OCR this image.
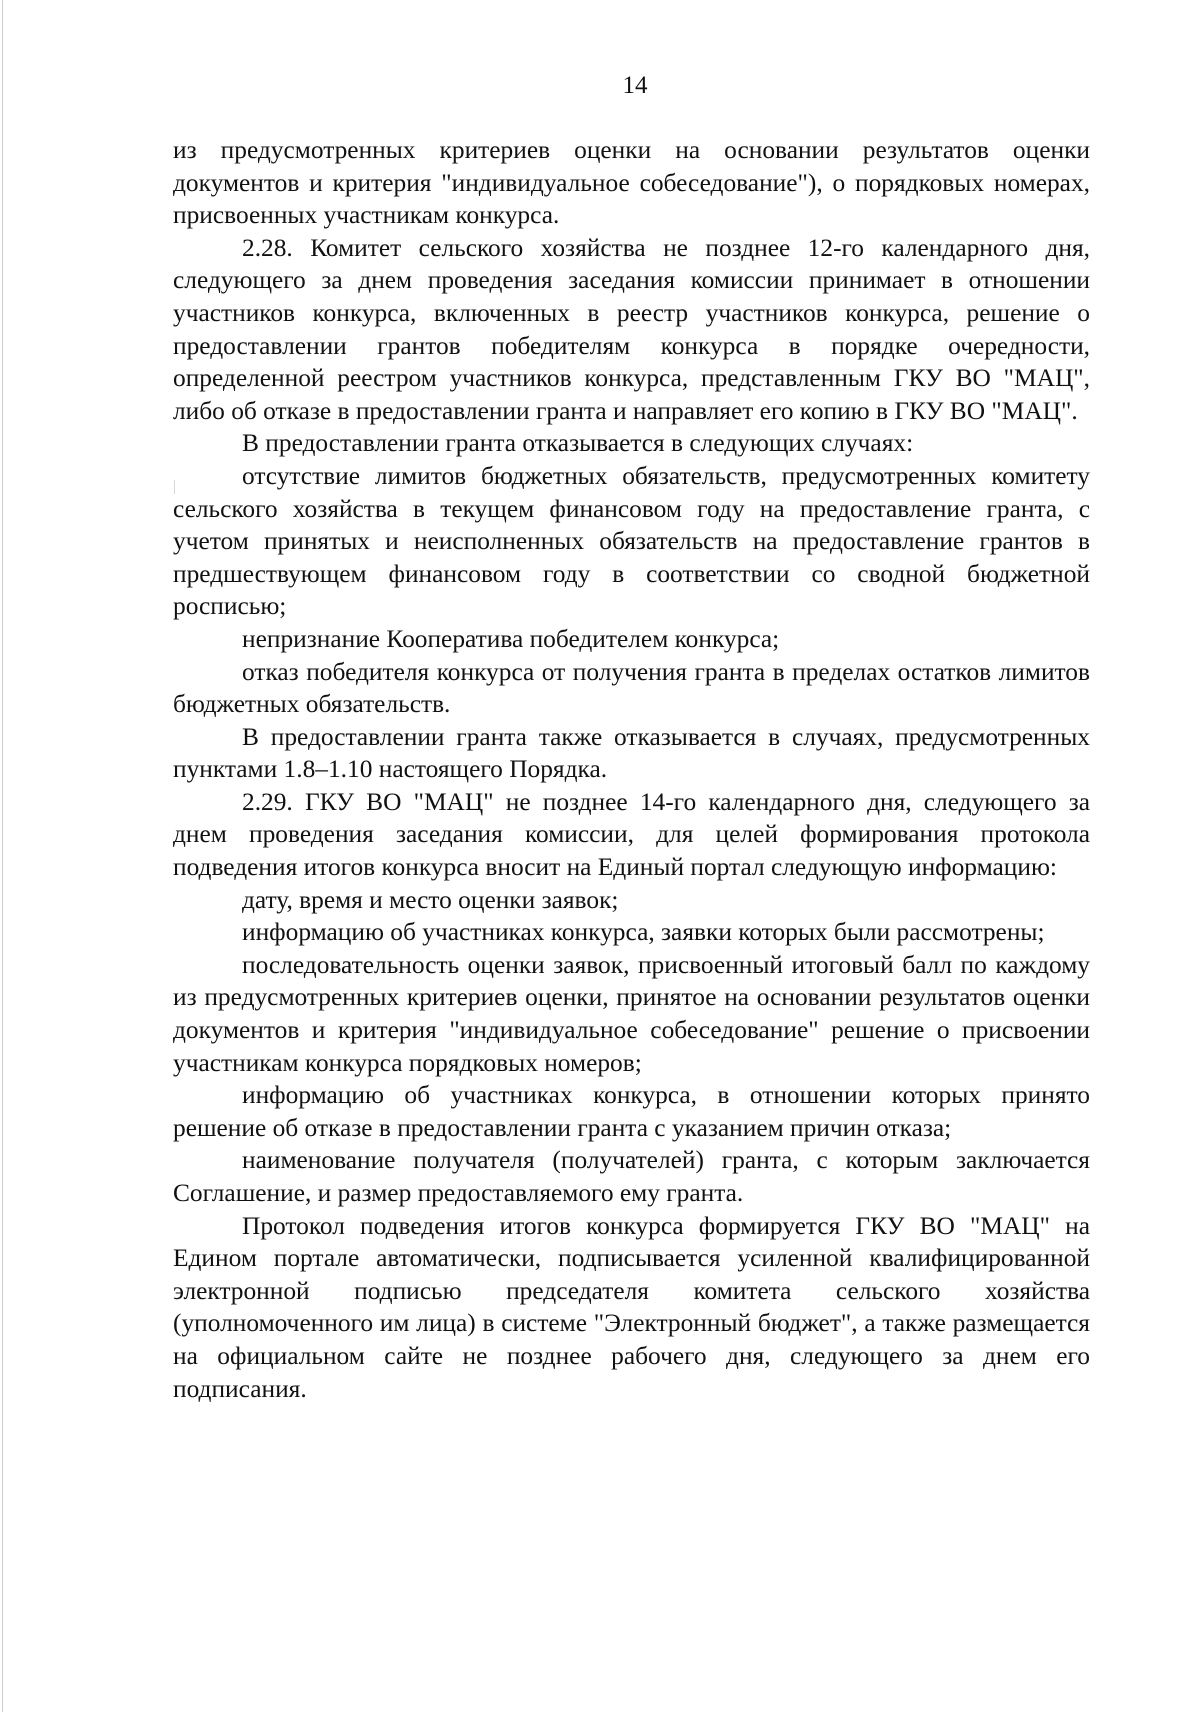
14

из предусмотренных критериев оценки на основании результатов оценки документов и критерия "индивидуальное собеседование"), о порядковых номерах, присвоенных участникам конкурса.

2.28. Комитет сельского хозяйства не позднее 12-го календарного дня, следующего за днем проведения заседания комиссии принимает в отношении участников конкурса, включенных в реестр участников конкурса, решение о предоставлении грантов победителям конкурса в порядке очередности, определенной реестром участников конкурса, представленным ГКУ ВО "МАЦ", либо об отказе в предоставлении гранта и направляет его копию в ГКУ ВО "МАЦ".

В предоставлении гранта отказывается в следующих случаях:

отсутствие лимитов бюджетных обязательств, предусмотренных комитету сельского хозяйства в текущем финансовом году на предоставление гранта, с учетом принятых и неисполненных обязательств на предоставление грантов в предшествующем финансовом году в соответствии со сводной бюджетной росписью;

непризнание Кооператива победителем конкурса;

отказ победителя конкурса от получения гранта в пределах остатков лимитов бюджетных обязательств.

В предоставлении гранта также отказывается в случаях, предусмотренных пунктами 1.8–1.10 настоящего Порядка.

2.29. ГКУ ВО "МАЦ" не позднее 14-го календарного дня, следующего за днем проведения заседания комиссии, для целей формирования протокола подведения итогов конкурса вносит на Единый портал следующую информацию:

дату, время и место оценки заявок;

информацию об участниках конкурса, заявки которых были рассмотрены;

последовательность оценки заявок, присвоенный итоговый балл по каждому из предусмотренных критериев оценки, принятое на основании результатов оценки документов и критерия "индивидуальное собеседование" решение о присвоении участникам конкурса порядковых номеров;

информацию об участниках конкурса, в отношении которых принято решение об отказе в предоставлении гранта с указанием причин отказа;

наименование получателя (получателей) гранта, с которым заключается Соглашение, и размер предоставляемого ему гранта.

Протокол подведения итогов конкурса формируется ГКУ ВО "МАЦ" на Едином портале автоматически, подписывается усиленной квалифицированной электронной подписью председателя комитета сельского хозяйства (уполномоченного им лица) в системе "Электронный бюджет", а также размещается на официальном сайте не позднее рабочего дня, следующего за днем его подписания.
